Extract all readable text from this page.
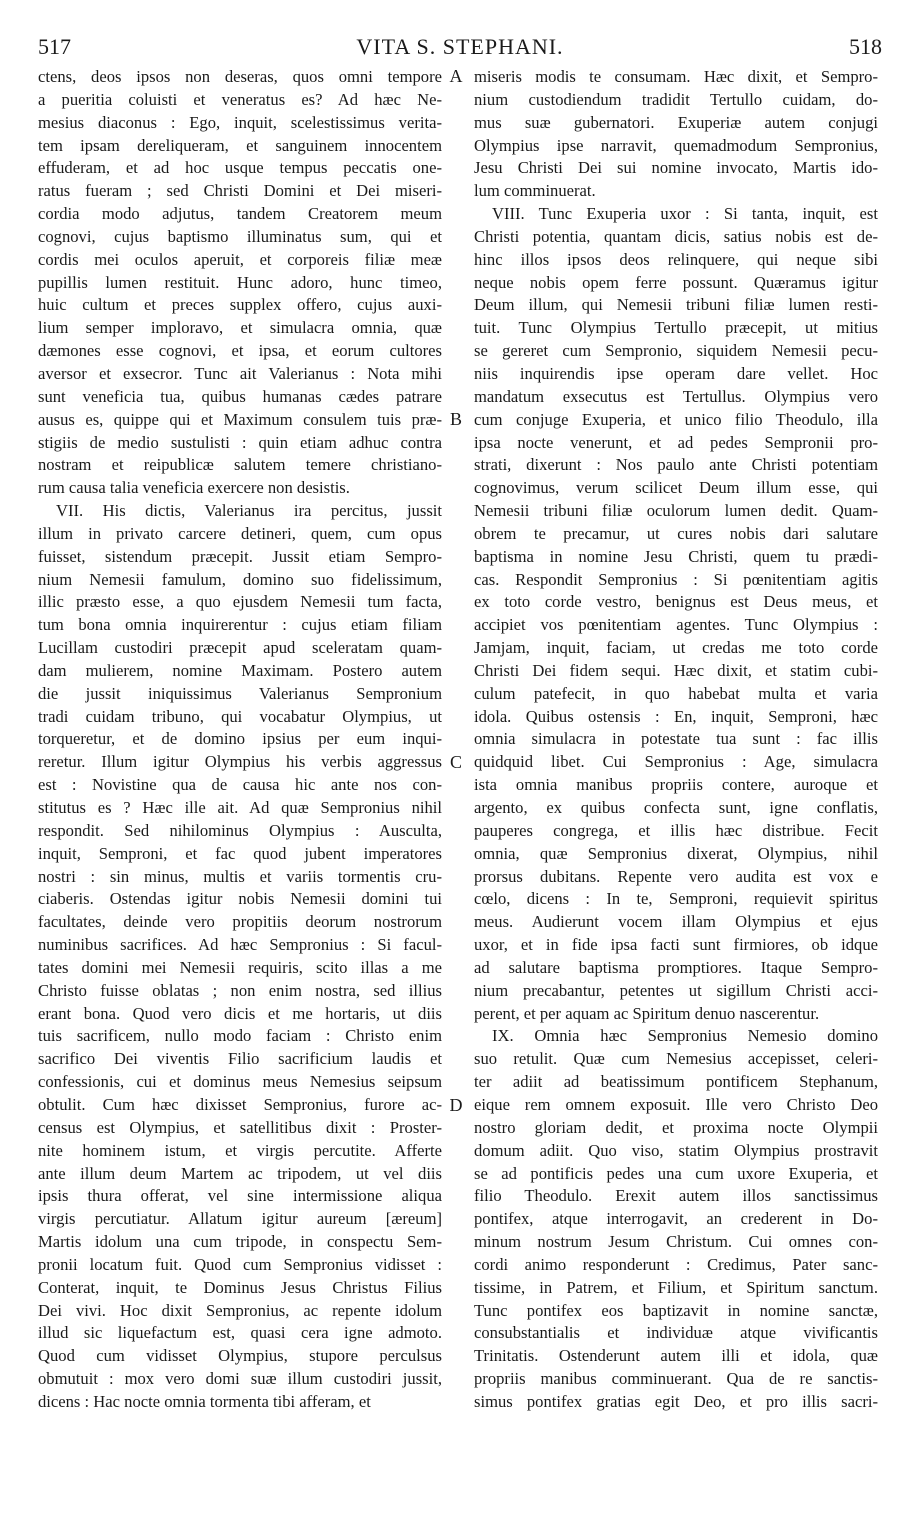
517	VITA S. STEPHANI.	518
ctens, deos ipsos non deseras, quos omni tempore
a pueritia coluisti et veneratus es? Ad hæc Ne-
mesius diaconus : Ego, inquit, scelestissimus verita-
tem ipsam dereliqueram, et sanguinem innocentem
effuderam, et ad hoc usque tempus peccatis one-
ratus fueram ; sed Christi Domini et Dei miseri-
cordia modo adjutus, tandem Creatorem meum
cognovi, cujus baptismo illuminatus sum, qui et
cordis mei oculos aperuit, et corporeis filiæ meæ
pupillis lumen restituit. Hunc adoro, hunc timeo,
huic cultum et preces supplex offero, cujus auxi-
lium semper imploravo, et simulacra omnia, quæ
dæmones esse cognovi, et ipsa, et eorum cultores
aversor et exsecror. Tunc ait Valerianus : Nota mihi
sunt veneficia tua, quibus humanas cædes patrare
ausus es, quippe qui et Maximum consulem tuis præ-
stigiis de medio sustulisti : quin etiam adhuc contra
nostram et reipublicæ salutem temere christiano-
rum causa talia veneficia exercere non desistis.
VII. His dictis, Valerianus ira percitus, jussit
illum in privato carcere detineri, quem, cum opus
fuisset, sistendum præcepit. Jussit etiam Sempro-
nium Nemesii famulum, domino suo fidelissimum,
illic præsto esse, a quo ejusdem Nemesii tum facta,
tum bona omnia inquirerentur : cujus etiam filiam
Lucillam custodiri præcepit apud sceleratam quam-
dam mulierem, nomine Maximam. Postero autem
die jussit iniquissimus Valerianus Sempronium
tradi cuidam tribuno, qui vocabatur Olympius, ut
torqueretur, et de domino ipsius per eum inqui-
reretur. Illum igitur Olympius his verbis aggressus
est : Novistine qua de causa hic ante nos con-
stitutus es ? Hæc ille ait. Ad quæ Sempronius nihil
respondit. Sed nihilominus Olympius : Ausculta,
inquit, Semproni, et fac quod jubent imperatores
nostri : sin minus, multis et variis tormentis cru-
ciaberis. Ostendas igitur nobis Nemesii domini tui
facultates, deinde vero propitiis deorum nostrorum
numinibus sacrifices. Ad hæc Sempronius : Si facul-
tates domini mei Nemesii requiris, scito illas a me
Christo fuisse oblatas ; non enim nostra, sed illius
erant bona. Quod vero dicis et me hortaris, ut diis
tuis sacrificem, nullo modo faciam : Christo enim
sacrifico Dei viventis Filio sacrificium laudis et
confessionis, cui et dominus meus Nemesius seipsum
obtulit. Cum hæc dixisset Sempronius, furore ac-
census est Olympius, et satellitibus dixit : Proster-
nite hominem istum, et virgis percutite. Afferte
ante illum deum Martem ac tripodem, ut vel diis
ipsis thura offerat, vel sine intermissione aliqua
virgis percutiatur. Allatum igitur aureum [æreum]
Martis idolum una cum tripode, in conspectu Sem-
pronii locatum fuit. Quod cum Sempronius vidisset :
Conterat, inquit, te Dominus Jesus Christus Filius
Dei vivi. Hoc dixit Sempronius, ac repente idolum
illud sic liquefactum est, quasi cera igne admoto.
Quod cum vidisset Olympius, stupore perculsus
obmutuit : mox vero domi suæ illum custodiri jussit,
dicens : Hac nocte omnia tormenta tibi afferam, et
miseris modis te consumam. Hæc dixit, et Sempro-
nium custodiendum tradidit Tertullo cuidam, do-
mus suæ gubernatori. Exuperiæ autem conjugi
Olympius ipse narravit, quemadmodum Sempronius,
Jesu Christi Dei sui nomine invocato, Martis ido-
lum comminuerat.
VIII. Tunc Exuperia uxor : Si tanta, inquit, est
Christi potentia, quantam dicis, satius nobis est de-
hinc illos ipsos deos relinquere, qui neque sibi
neque nobis opem ferre possunt. Quæramus igitur
Deum illum, qui Nemesii tribuni filiæ lumen resti-
tuit. Tunc Olympius Tertullo præcepit, ut mitius
se gereret cum Sempronio, siquidem Nemesii pecu-
niis inquirendis ipse operam dare vellet. Hoc
mandatum exsecutus est Tertullus. Olympius vero
cum conjuge Exuperia, et unico filio Theodulo, illa
ipsa nocte venerunt, et ad pedes Sempronii pro-
strati, dixerunt : Nos paulo ante Christi potentiam
cognovimus, verum scilicet Deum illum esse, qui
Nemesii tribuni filiæ oculorum lumen dedit. Quam-
obrem te precamur, ut cures nobis dari salutare
baptisma in nomine Jesu Christi, quem tu prædi-
cas. Respondit Sempronius : Si pœnitentiam agitis
ex toto corde vestro, benignus est Deus meus, et
accipiet vos pœnitentiam agentes. Tunc Olympius :
Jamjam, inquit, faciam, ut credas me toto corde
Christi Dei fidem sequi. Hæc dixit, et statim cubi-
culum patefecit, in quo habebat multa et varia
idola. Quibus ostensis : En, inquit, Semproni, hæc
omnia simulacra in potestate tua sunt : fac illis
quidquid libet. Cui Sempronius : Age, simulacra
ista omnia manibus propriis contere, auroque et
argento, ex quibus confecta sunt, igne conflatis,
pauperes congrega, et illis hæc distribue. Fecit
omnia, quæ Sempronius dixerat, Olympius, nihil
prorsus dubitans. Repente vero audita est vox e
cœlo, dicens : In te, Semproni, requievit spiritus
meus. Audierunt vocem illam Olympius et ejus
uxor, et in fide ipsa facti sunt firmiores, ob idque
ad salutare baptisma promptiores. Itaque Sempro-
nium precabantur, petentes ut sigillum Christi acci-
perent, et per aquam ac Spiritum denuo nascerentur.
IX. Omnia hæc Sempronius Nemesio domino
suo retulit. Quæ cum Nemesius accepisset, celeri-
ter adiit ad beatissimum pontificem Stephanum,
eique rem omnem exposuit. Ille vero Christo Deo
nostro gloriam dedit, et proxima nocte Olympii
domum adiit. Quo viso, statim Olympius prostravit
se ad pontificis pedes una cum uxore Exuperia, et
filio Theodulo. Erexit autem illos sanctissimus
pontifex, atque interrogavit, an crederent in Do-
minum nostrum Jesum Christum. Cui omnes con-
cordi animo responderunt : Credimus, Pater sanc-
tissime, in Patrem, et Filium, et Spiritum sanctum.
Tunc pontifex eos baptizavit in nomine sanctæ,
consubstantialis et individuæ atque vivificantis
Trinitatis. Ostenderunt autem illi et idola, quæ
propriis manibus comminuerant. Qua de re sanctis-
simus pontifex gratias egit Deo, et pro illis sacri-
A
B
C
D
